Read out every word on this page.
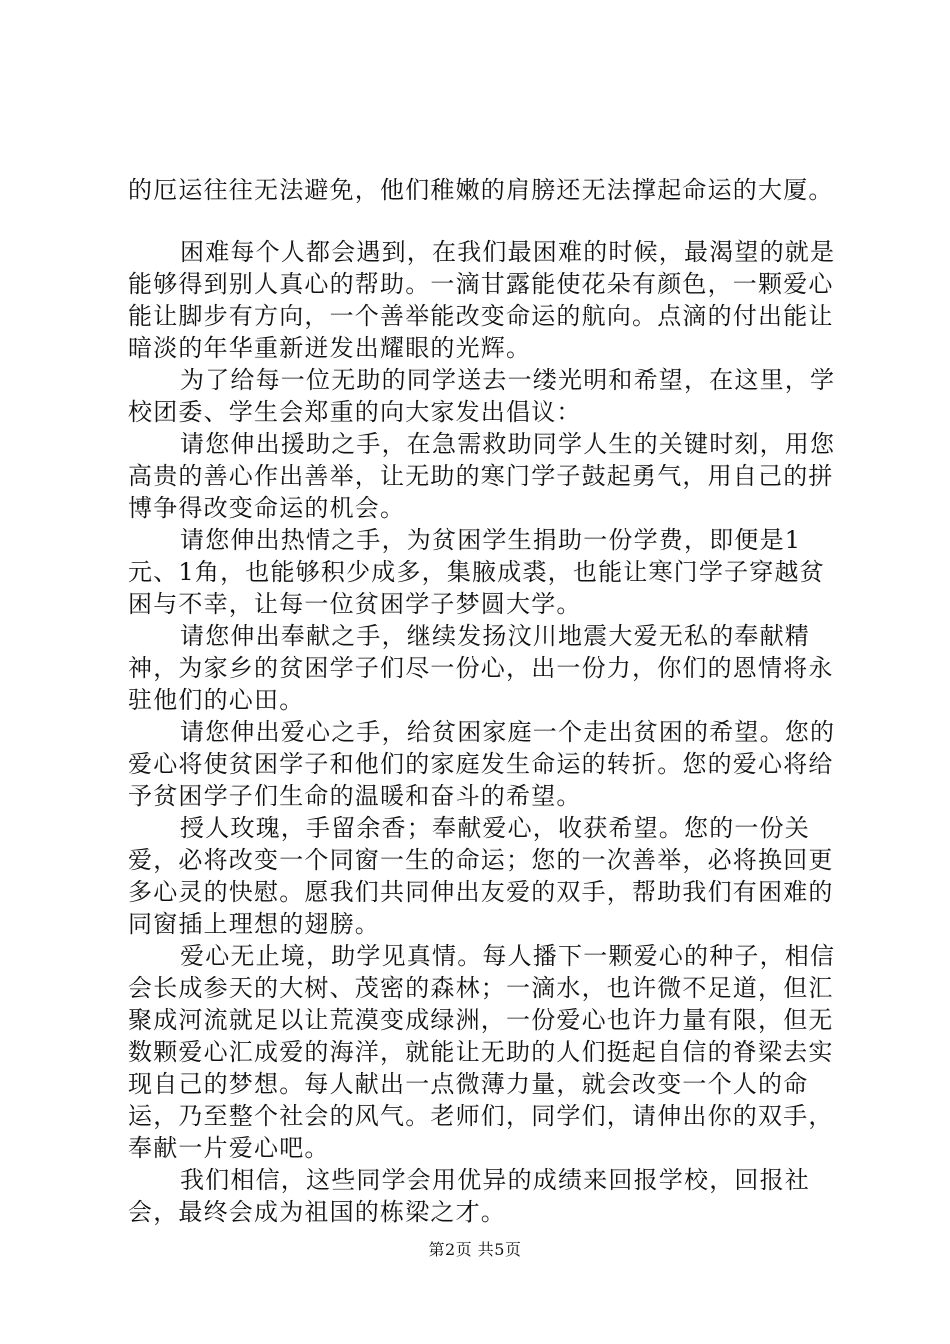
的厄运往往无法避免，他们稚嫩的肩膀还无法撑起命运的大厦。

困难每个人都会遇到，在我们最困难的时候，最渴望的就是能够得到别人真心的帮助。一滴甘露能使花朵有颜色，一颗爱心能让脚步有方向，一个善举能改变命运的航向。点滴的付出能让暗淡的年华重新迸发出耀眼的光辉。

为了给每一位无助的同学送去一缕光明和希望，在这里，学校团委、学生会郑重的向大家发出倡议：

请您伸出援助之手，在急需救助同学人生的关键时刻，用您高贵的善心作出善举，让无助的寒门学子鼓起勇气，用自己的拼博争得改变命运的机会。

请您伸出热情之手，为贫困学生捐助一份学费，即便是1元、1角，也能够积少成多，集腋成裘，也能让寒门学子穿越贫困与不幸，让每一位贫困学子梦圆大学。

请您伸出奉献之手，继续发扬汶川地震大爱无私的奉献精神，为家乡的贫困学子们尽一份心，出一份力，你们的恩情将永驻他们的心田。

请您伸出爱心之手，给贫困家庭一个走出贫困的希望。您的爱心将使贫困学子和他们的家庭发生命运的转折。您的爱心将给予贫困学子们生命的温暖和奋斗的希望。

授人玫瑰，手留余香；奉献爱心，收获希望。您的一份关爱，必将改变一个同窗一生的命运；您的一次善举，必将换回更多心灵的快慰。愿我们共同伸出友爱的双手，帮助我们有困难的同窗插上理想的翅膀。

爱心无止境，助学见真情。每人播下一颗爱心的种子，相信会长成参天的大树、茂密的森林；一滴水，也许微不足道，但汇聚成河流就足以让荒漠变成绿洲，一份爱心也许力量有限，但无数颗爱心汇成爱的海洋，就能让无助的人们挺起自信的脊梁去实现自己的梦想。每人献出一点微薄力量，就会改变一个人的命运，乃至整个社会的风气。老师们，同学们，请伸出你的双手，奉献一片爱心吧。

我们相信，这些同学会用优异的成绩来回报学校，回报社会，最终会成为祖国的栋梁之才。

第2页 共5页
